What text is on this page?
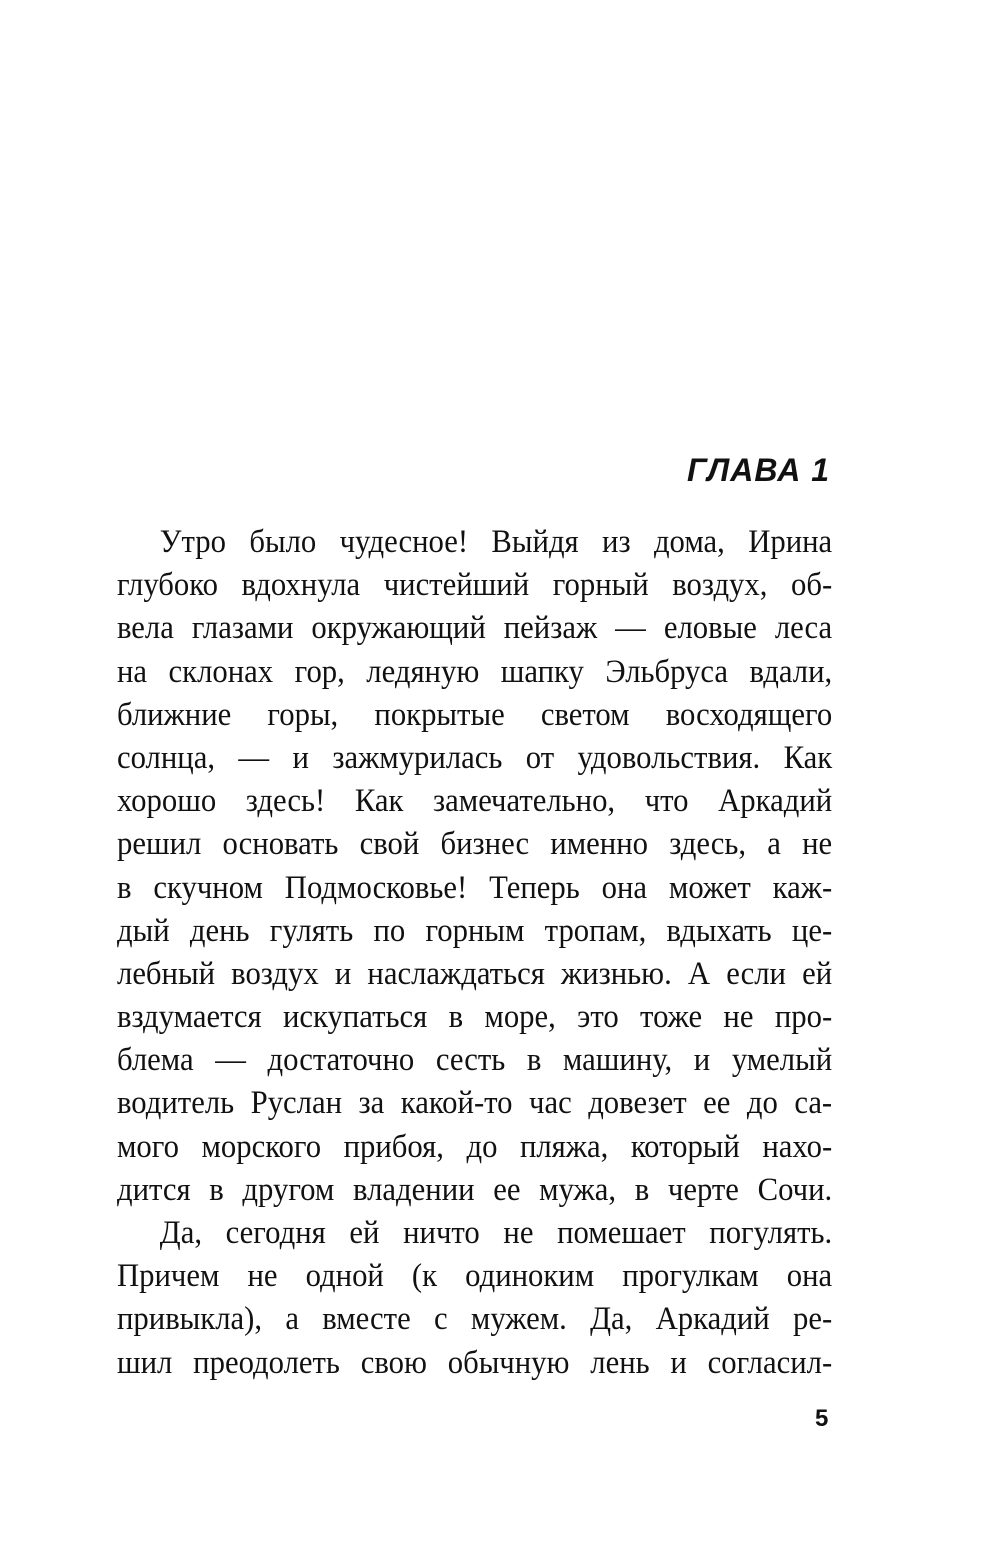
ГЛАВА 1
Утро было чудесное! Выйдя из дома, Ирина
глубоко вдохнула чистейший горный воздух, об-
вела глазами окружающий пейзаж — еловые леса
на склонах гор, ледяную шапку Эльбруса вдали,
ближние горы, покрытые светом восходящего
солнца, — и зажмурилась от удовольствия. Как
хорошо здесь! Как замечательно, что Аркадий
решил основать свой бизнес именно здесь, а не
в скучном Подмосковье! Теперь она может каж-
дый день гулять по горным тропам, вдыхать це-
лебный воздух и наслаждаться жизнью. А если ей
вздумается искупаться в море, это тоже не про-
блема — достаточно сесть в машину, и умелый
водитель Руслан за какой-то час довезет ее до са-
мого морского прибоя, до пляжа, который нахо-
дится в другом владении ее мужа, в черте Сочи.
Да, сегодня ей ничто не помешает погулять.
Причем не одной (к одиноким прогулкам она
привыкла), а вместе с мужем. Да, Аркадий ре-
шил преодолеть свою обычную лень и согласил-
5
